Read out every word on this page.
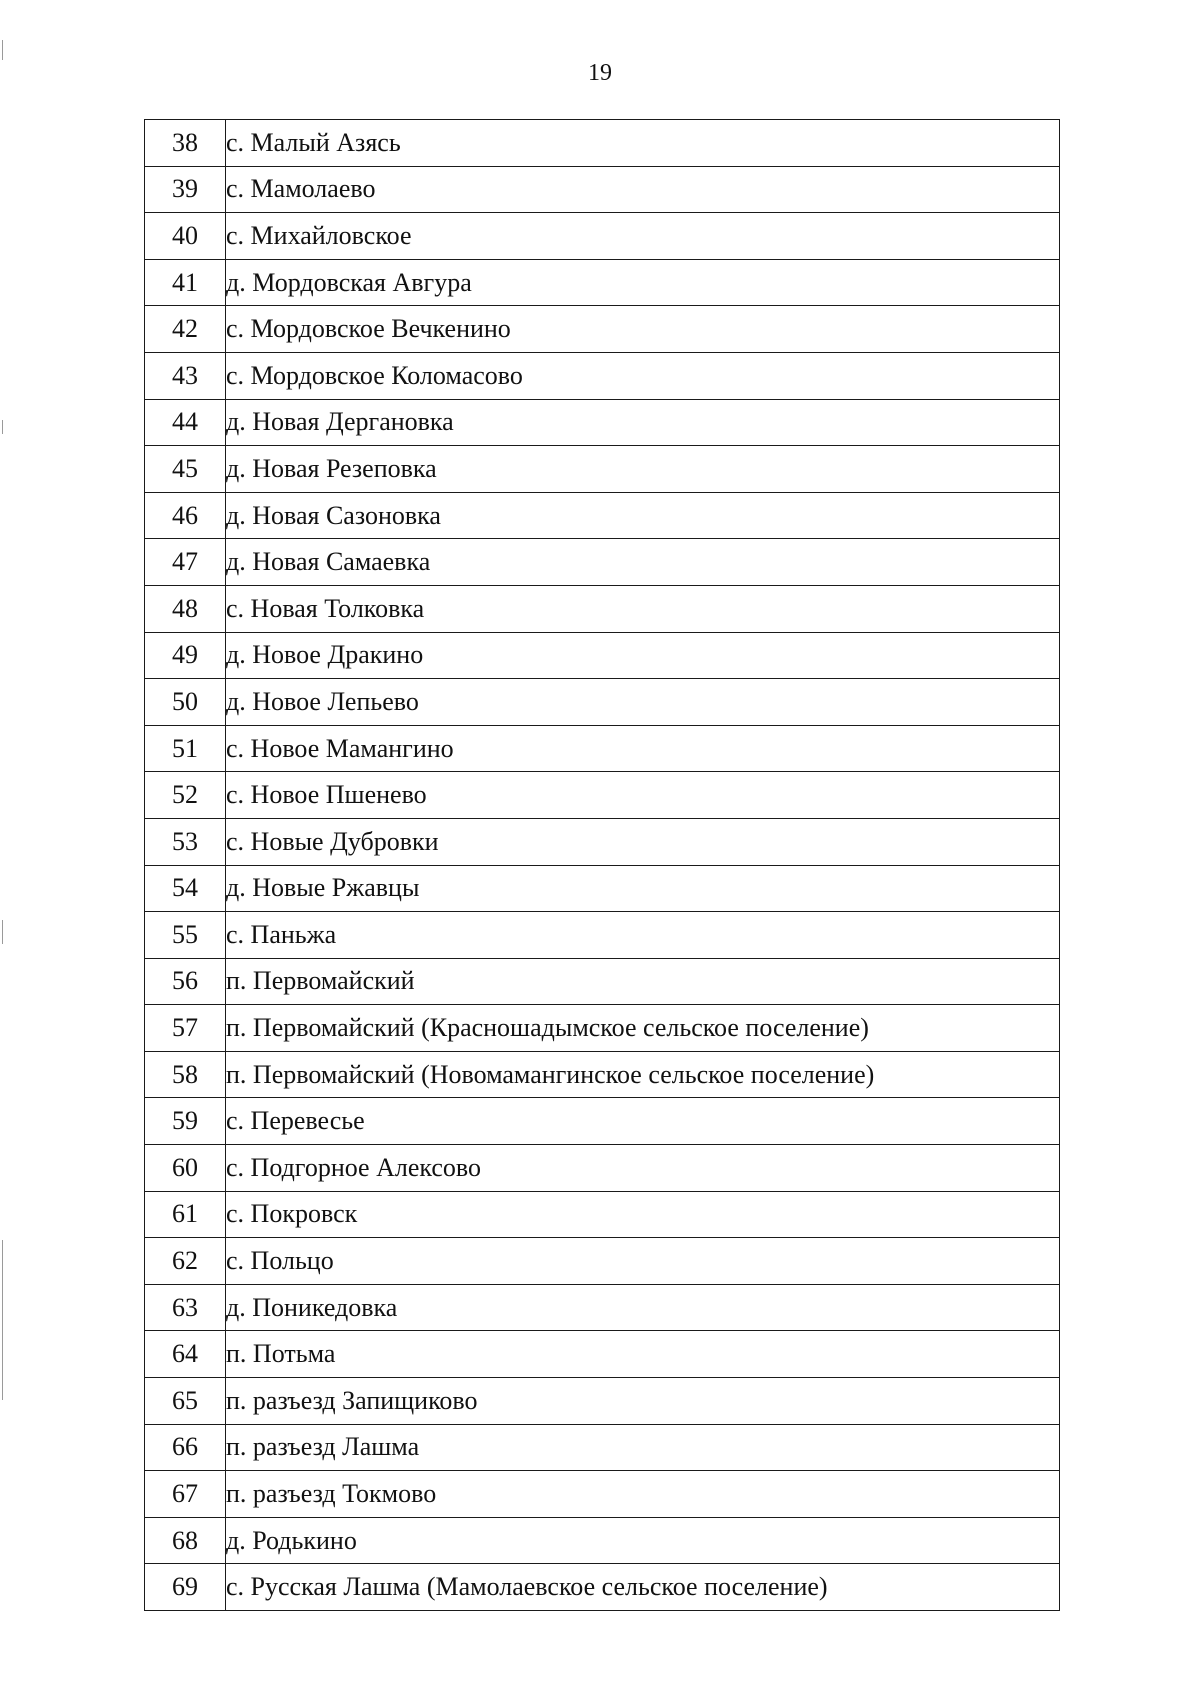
19
38	с. Малый Азясь
39	с. Мамолаево
40	с. Михайловское
41	д. Мордовская Авгура
42	с. Мордовское Вечкенино
43	с. Мордовское Коломасово
44	д. Новая Дергановка
45	д. Новая Резеповка
46	д. Новая Сазоновка
47	д. Новая Самаевка
48	с. Новая Толковка
49	д. Новое Дракино
50	д. Новое Лепьево
51	с. Новое Мамангино
52	с. Новое Пшенево
53	с. Новые Дубровки
54	д. Новые Ржавцы
55	с. Паньжа
56	п. Первомайский
57	п. Первомайский (Красношадымское сельское поселение)
58	п. Первомайский (Новомамангинское сельское поселение)
59	с. Перевесье
60	с. Подгорное Алексово
61	с. Покровск
62	с. Польцо
63	д. Поникедовка
64	п. Потьма
65	п. разъезд Запищиково
66	п. разъезд Лашма
67	п. разъезд Токмово
68	д. Родькино
69	с. Русская Лашма (Мамолаевское сельское поселение)
